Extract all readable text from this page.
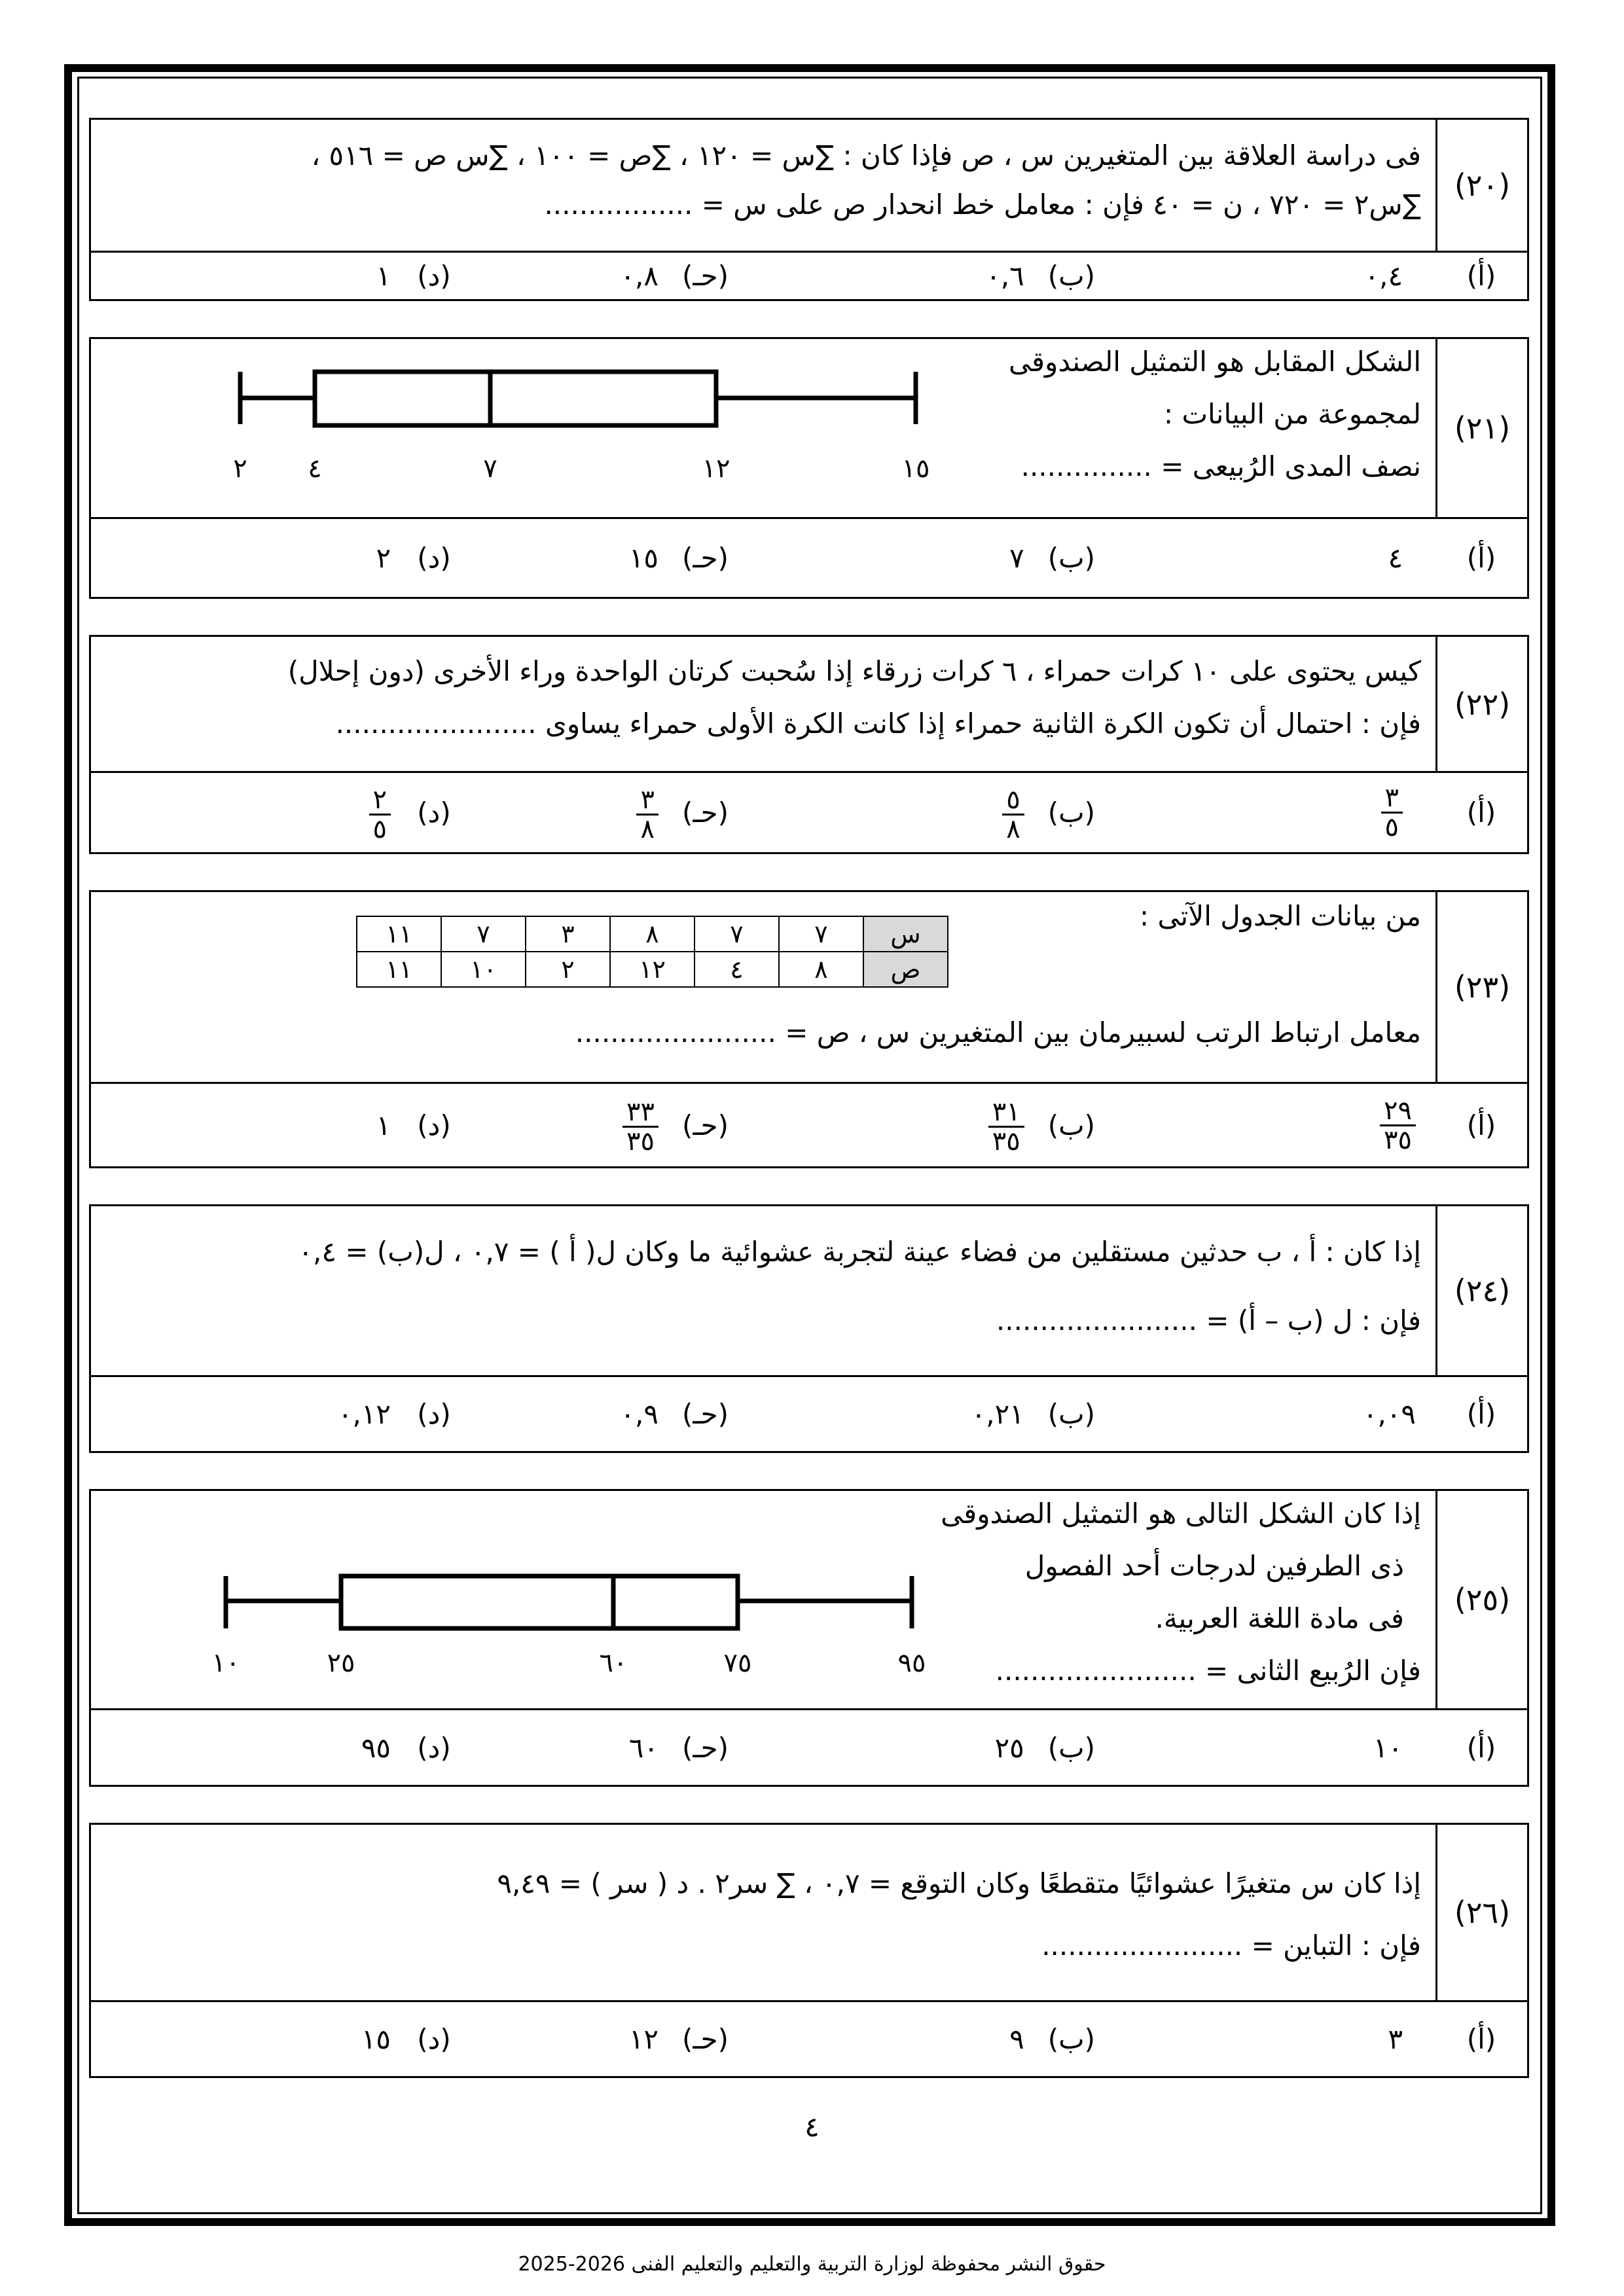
(٢٠)
فى دراسة العلاقة بين المتغيرين س ، ص فإذا كان : ∑س = ١٢٠ ، ∑ص = ١٠٠ ، ∑س ص = ٥١٦ ،
∑س٢ = ٧٢٠ ، ن = ٤٠ فإن : معامل خط انحدار ص على س = .................
(أ)
٠,٤
(ب)
٠,٦
(حـ)
٠,٨
(د)
١
(٢١)
الشكل المقابل هو التمثيل الصندوقى
لمجموعة من البيانات :
نصف المدى الرُبيعى = ...............
٢ ٤	٧	١٢	١٥
(أ)
٤
(ب)
٧
(حـ)
١٥
(د)
٢
(٢٢)
كيس يحتوى على ١٠ كرات حمراء ، ٦ كرات زرقاء إذا سُحبت كرتان الواحدة وراء الأخرى (دون إحلال)
فإن : احتمال أن تكون الكرة الثانية حمراء إذا كانت الكرة الأولى حمراء يساوى .......................
(أ)
$\frac{٣}{٥}$
(ب)
$\frac{٥}{٨}$
(حـ)
$\frac{٣}{٨}$
(د)
$\frac{٢}{٥}$
(٢٣)
من بيانات الجدول الآتى :
معامل ارتباط الرتب لسبيرمان بين المتغيرين س ، ص = .......................
س	٧	٧	٨	٣	٧	١١
ص	٨	٤	١٢	٢	١٠	١١
(أ)
$\frac{٢٩}{٣٥}$
(ب)
$\frac{٣١}{٣٥}$
(حـ)
$\frac{٣٣}{٣٥}$
(د)
١
(٢٤)
إذا كان : أ ، ب حدثين مستقلين من فضاء عينة لتجربة عشوائية ما وكان ل( أ ) = ٠,٧ ، ل(ب) = ٠,٤
فإن : ل (ب – أ) = .......................
(أ)
٠,٠٩
(ب)
٠,٢١
(حـ)
٠,٩
(د)
٠,١٢
(٢٥)
إذا كان الشكل التالى هو التمثيل الصندوقى
ذى الطرفين لدرجات أحد الفصول
فى مادة اللغة العربية.
فإن الرُبيع الثانى = .......................
١٠	٢٥	٦٠	٧٥	٩٥
(أ)
١٠
(ب)
٢٥
(حـ)
٦٠
(د)
٩٥
(٢٦)
إذا كان س متغيرًا عشوائيًا متقطعًا وكان التوقع = ٠,٧ ، ∑ سر٢ . د ( سر ) = ٩,٤٩
فإن : التباين = .......................
(أ)
٣
(ب)
٩
(حـ)
١٢
(د)
١٥
٤
حقوق النشر محفوظة لوزارة التربية والتعليم والتعليم الفنى 2026-2025
